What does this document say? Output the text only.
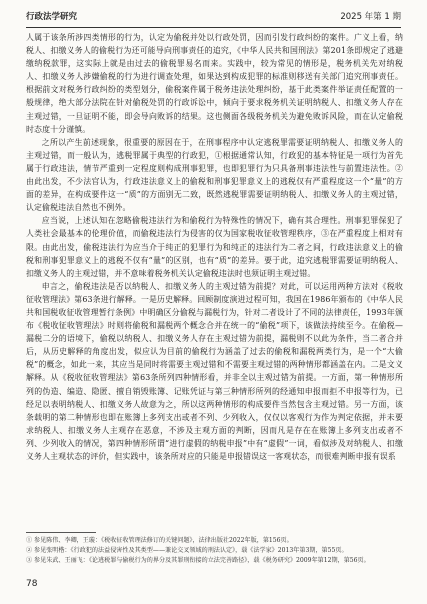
行政法学研究	2025 年第 1 期

人属于该条所涉四类情形的行为，认定为偷税并处以行政处罚，因而引发行政纠纷的案件。广义上看，纳税人、扣缴义务人的偷税行为还可能导向刑事责任的追究，《中华人民共和国刑法》第201条即规定了逃避缴纳税款罪，这实际上就是由过去的偷税罪易名而来。实践中，较为常见的情形是，税务机关先对纳税人、扣缴义务人涉嫌偷税的行为进行调查处理，如果达到构成犯罪的标准则移送有关部门追究刑事责任。根据前文对税务行政纠纷的类型划分，偷税案件属于税务违法处理纠纷，基于此类案件举证责任配置的一般规律，绝大部分法院在针对偷税处罚的行政诉讼中，倾向于要求税务机关证明纳税人、扣缴义务人存在主观过错，一旦证明不能，即会导向败诉的结果。这也侧面各级税务机关为避免败诉风险，而在认定偷税时态度十分谨慎。

之所以产生前述现象，很重要的原因在于，在刑事程序中认定逃税罪需要证明纳税人、扣缴义务人的主观过错，而一般认为，逃税罪属于典型的行政犯，①根据通常认知，行政犯的基本特征是一项行为首先属于行政违法，情节严重到一定程度则构成刑事犯罪，也即犯罪行为只具备刑事违法性与前置违法性。②由此出发，不少法官认为，行政违法意义上的偷税和刑事犯罪意义上的逃税仅有严重程度这一个“量”的方面的差异，在构成要件这一“质”的方面别无二致，既然逃税罪需要证明纳税人、扣缴义务人的主观过错，认定偷税违法自然也不例外。

应当说，上述认知在忽略偷税违法行为和偷税行为特殊性的情况下，确有其合理性。刑事犯罪保犯了人类社会最基本的伦理价值，而偷税违法行为侵害的仅为国家税收征收管理秩序，③在严重程度上相对有限。由此出发，偷税违法行为应当介于纯正的犯罪行为和纯正的违法行为二者之间，行政违法意义上的偷税和刑事犯罪意义上的逃税不仅有“量”的区别，也有“质”的差异。要于此，追究逃税罪需要证明纳税人、扣缴义务人的主观过错，并不意味着税务机关认定偷税违法时也须证明主观过错。

申言之，偷税违法是否以纳税人、扣缴义务人的主观过错为前提？对此，可以运用两种方法对《税收征收管理法》第63条进行解释。一是历史解释。回顾制度演进过程可知，我国在1986年颁布的《中华人民共和国税收征收管理暂行条例》中明确区分偷税与漏税行为，针对二者设计了不同的法律责任，1993年颁布《税收征收管理法》时则将偷税和漏税两个概念合并在统一的“偷税”项下，该做法持续至今。在偷税—漏税二分的语境下，偷税以纳税人、扣缴义务人存在主观过错为前提，漏税则不以此为条件，当二者合并后，从历史解释的角度出发，似应认为目前的偷税行为涵盖了过去的偷税和漏税两类行为，是一个“大偷税”的概念，如此一来，其应当是同时将需要主观过错和不需要主观过错的两种情形都涵盖在内。二是文义解释。从《税收征收管理法》第63条所列四种情形看，并非全以主观过错为前提。一方面，第一种情形所列的伪造、编造、隐匿、擅自销毁账簿、记账凭证与第三种情形所列的经通知申报而拒不申报等行为，已经足以表明纳税人、扣缴义务人故意为之，所以这两种情形的构成要件当然包含主观过错。另一方面，该条载明的第二种情形也即在账簿上多列支出或者不列、少列收入，仅仅以客观行为作为判定依据，并未要求纳税人、扣缴义务人主观存在恶意，不涉及主观方面的判断，因而凡是存在在账簿上多列支出或者不列、少列收入的情况，第四种情形所谓“进行虚假的纳税申报”中有“虚假”一词，看似涉及对纳税人、扣缴义务人主观状态的评价，但实践中，该条所对应的只能是申报错误这一客观状态，而很难判断申报有误系

① 参见陈伟、李卿，王璇：《税收征收管理法修订的关键问题》，法律出版社2022年版，第156页。
② 参见张明楷：《行政犯的法益侵害性及其类型——兼论交叉领域的刑法认定》，载《法学家》2013年第3期，第55页。
③ 参见朱武、王丽飞：《论逃税罪与偷税行为的界分及其罪刑衔接的立法完善路径》，载《税务研究》2009年第12期，第56页。
78
